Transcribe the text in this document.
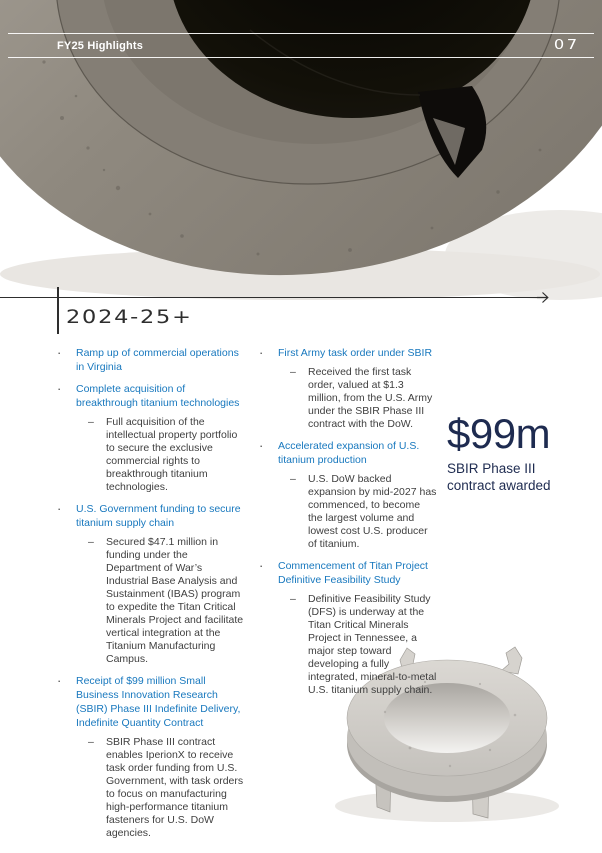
FY25 Highlights	07
2024-25+
·	Ramp up of commercial operations in Virginia
·	Complete acquisition of breakthrough titanium technologies
–	Full acquisition of the intellectual property portfolio to secure the exclusive commercial rights to breakthrough titanium technologies.
·	U.S. Government funding to secure titanium supply chain
–	Secured $47.1 million in funding under the Department of War’s Industrial Base Analysis and Sustainment (IBAS) program to expedite the Titan Critical Minerals Project and facilitate vertical integration at the Titanium Manufacturing Campus.
·	Receipt of $99 million Small Business Innovation Research (SBIR) Phase III Indefinite Delivery, Indefinite Quantity Contract
–	SBIR Phase III contract enables IperionX to receive task order funding from U.S. Government, with task orders to focus on manufacturing high-performance titanium fasteners for U.S. DoW agencies.
·	First Army task order under SBIR
–	Received the first task order, valued at $1.3 million, from the U.S. Army under the SBIR Phase III contract with the DoW.
·	Accelerated expansion of U.S. titanium production
–	U.S. DoW backed expansion by mid-2027 has commenced, to become the largest volume and lowest cost U.S. producer of titanium.
·	Commencement of Titan Project Definitive Feasibility Study
–	Definitive Feasibility Study (DFS) is underway at the Titan Critical Minerals Project in Tennessee, a major step toward developing a fully integrated, mineral-to-metal U.S. titanium supply chain.
$99m
SBIR Phase III contract awarded
